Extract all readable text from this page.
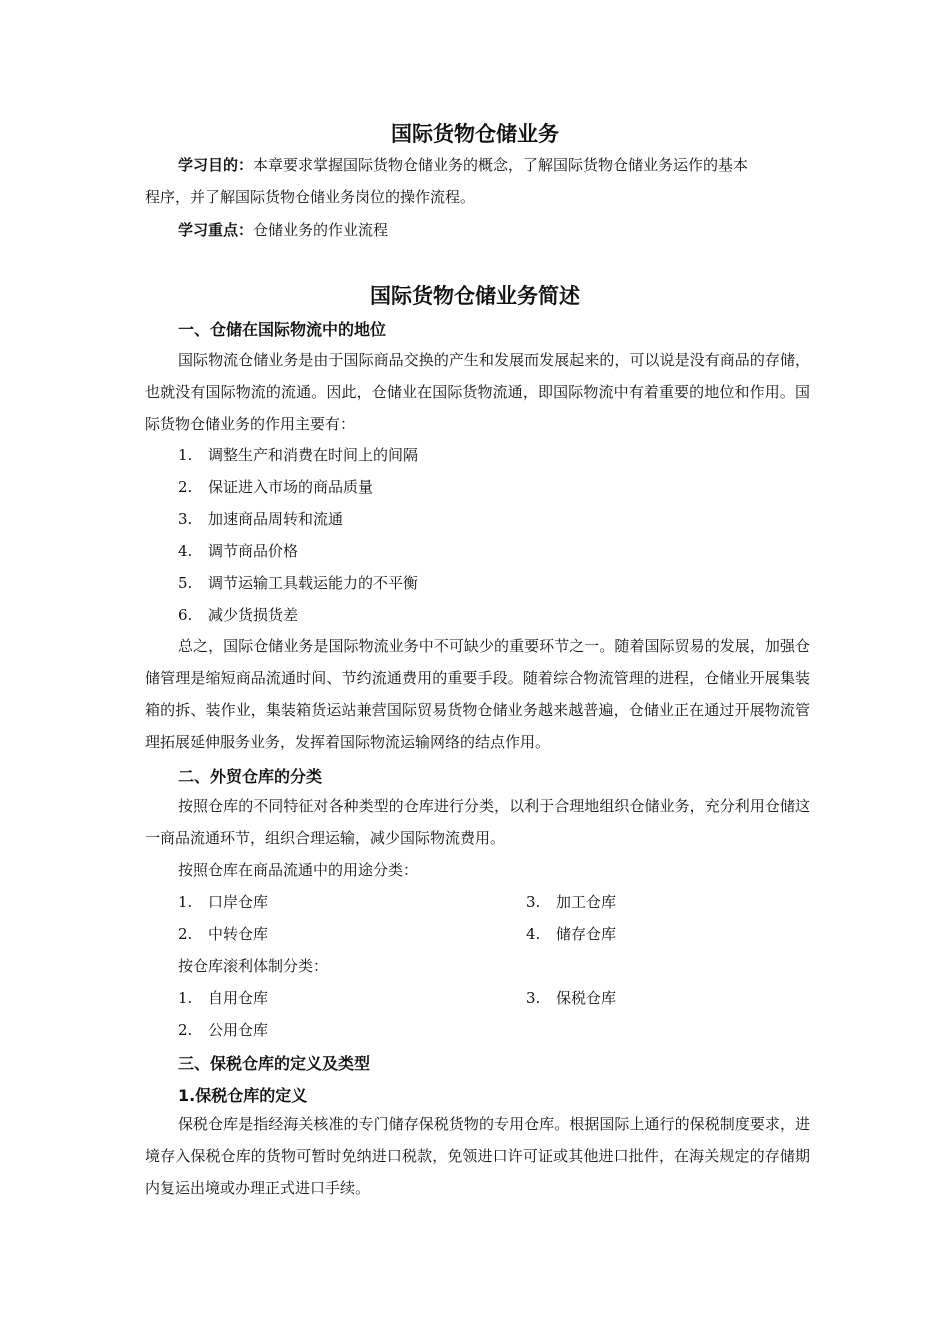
国际货物仓储业务
学习目的：本章要求掌握国际货物仓储业务的概念，了解国际货物仓储业务运作的基本
程序，并了解国际货物仓储业务岗位的操作流程。
学习重点：仓储业务的作业流程
国际货物仓储业务简述
一、仓储在国际物流中的地位
国际物流仓储业务是由于国际商品交换的产生和发展而发展起来的，可以说是没有商品的存储，也就没有国际物流的流通。因此，仓储业在国际货物流通，即国际物流中有着重要的地位和作用。国际货物仓储业务的作用主要有：
1. 调整生产和消费在时间上的间隔
2. 保证进入市场的商品质量
3. 加速商品周转和流通
4. 调节商品价格
5. 调节运输工具载运能力的不平衡
6. 减少货损货差
总之，国际仓储业务是国际物流业务中不可缺少的重要环节之一。随着国际贸易的发展，加强仓储管理是缩短商品流通时间、节约流通费用的重要手段。随着综合物流管理的进程，仓储业开展集装箱的拆、装作业，集装箱货运站兼营国际贸易货物仓储业务越来越普遍，仓储业正在通过开展物流管理拓展延伸服务业务，发挥着国际物流运输网络的结点作用。
二、外贸仓库的分类
按照仓库的不同特征对各种类型的仓库进行分类，以利于合理地组织仓储业务，充分利用仓储这一商品流通环节，组织合理运输，减少国际物流费用。
按照仓库在商品流通中的用途分类：
1. 口岸仓库	3. 加工仓库
2. 中转仓库	4. 储存仓库
按仓库滚利体制分类：
1. 自用仓库	3. 保税仓库
2. 公用仓库
三、保税仓库的定义及类型
1.保税仓库的定义
保税仓库是指经海关核准的专门储存保税货物的专用仓库。根据国际上通行的保税制度要求，进境存入保税仓库的货物可暂时免纳进口税款，免领进口许可证或其他进口批件，在海关规定的存储期内复运出境或办理正式进口手续。
